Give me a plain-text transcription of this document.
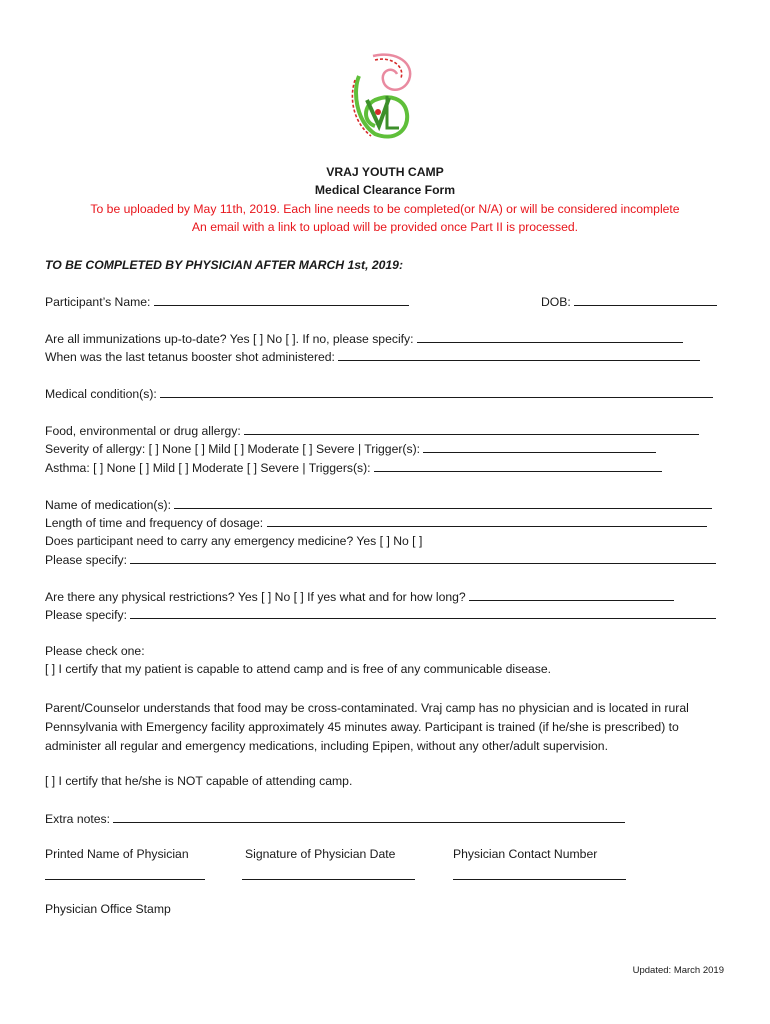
VRAJ YOUTH CAMP
Medical Clearance Form
To be uploaded by May 11th, 2019. Each line needs to be completed(or N/A) or will be considered incomplete
An email with a link to upload will be provided once Part II is processed.
TO BE COMPLETED BY PHYSICIAN AFTER MARCH 1st, 2019:
Participant’s Name:	DOB:
Are all immunizations up-to-date? Yes [ ] No [ ]. If no, please specify:
When was the last tetanus booster shot administered:
Medical condition(s):
Food, environmental or drug allergy:
Severity of allergy: [ ] None [ ] Mild [ ] Moderate [ ] Severe | Trigger(s):
Asthma: [ ] None [ ] Mild [ ] Moderate [ ] Severe | Triggers(s):
Name of medication(s):
Length of time and frequency of dosage:
Does participant need to carry any emergency medicine? Yes [ ] No [ ]
Please specify:
Are there any physical restrictions? Yes [ ] No [ ] If yes what and for how long?
Please specify:
Please check one:
[ ] I certify that my patient is capable to attend camp and is free of any communicable disease.
Parent/Counselor understands that food may be cross-contaminated. Vraj camp has no physician and is located in rural Pennsylvania with Emergency facility approximately 45 minutes away. Participant is trained (if he/she is prescribed) to administer all regular and emergency medications, including Epipen, without any other/adult supervision.
[ ] I certify that he/she is NOT capable of attending camp.
Extra notes:
Printed Name of Physician	Signature of Physician Date	Physician Contact Number
Physician Office Stamp
Updated: March 2019
